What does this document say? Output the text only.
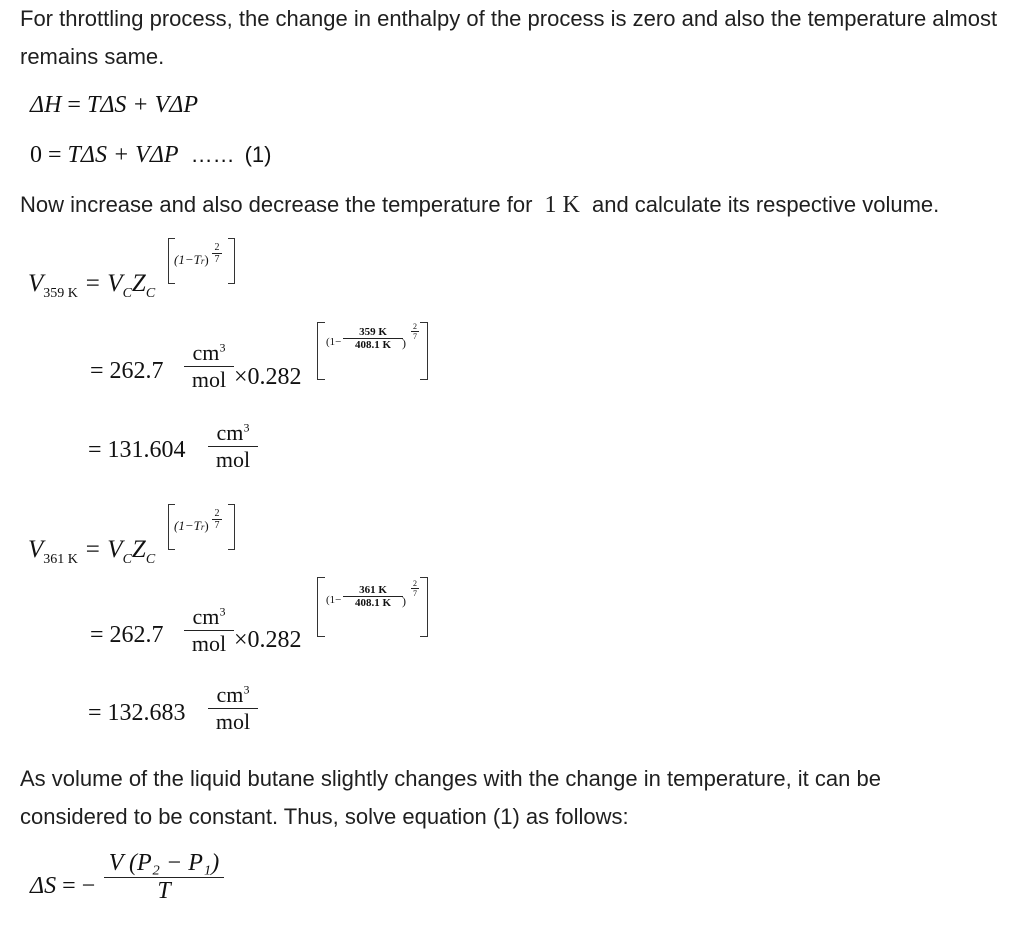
For throttling process, the change in enthalpy of the process is zero and also the temperature almost remains same.
ΔH = TΔS + VΔP
0 = TΔS + VΔP …… (1)
Now increase and also decrease the temperature for 1 K and calculate its respective volume.
$V_{359 K} = V_CZ_C$
(1−Tr)
2
7
= 262.7
$cm^3$
mol ×0.282
(1−
359 K
408.1 K )
2
7
= 131.604
$cm^3$
mol
$V_{361 K} = V_CZ_C$
(1−Tr)
2
7
= 262.7
$cm^3$
mol ×0.282
(1−
361 K
408.1 K )
2
7
= 132.683
$cm^3$
mol
As volume of the liquid butane slightly changes with the change in temperature, it can be considered to be constant. Thus, solve equation (1) as follows:
ΔS = −
V (P₂ − P₁)
T
